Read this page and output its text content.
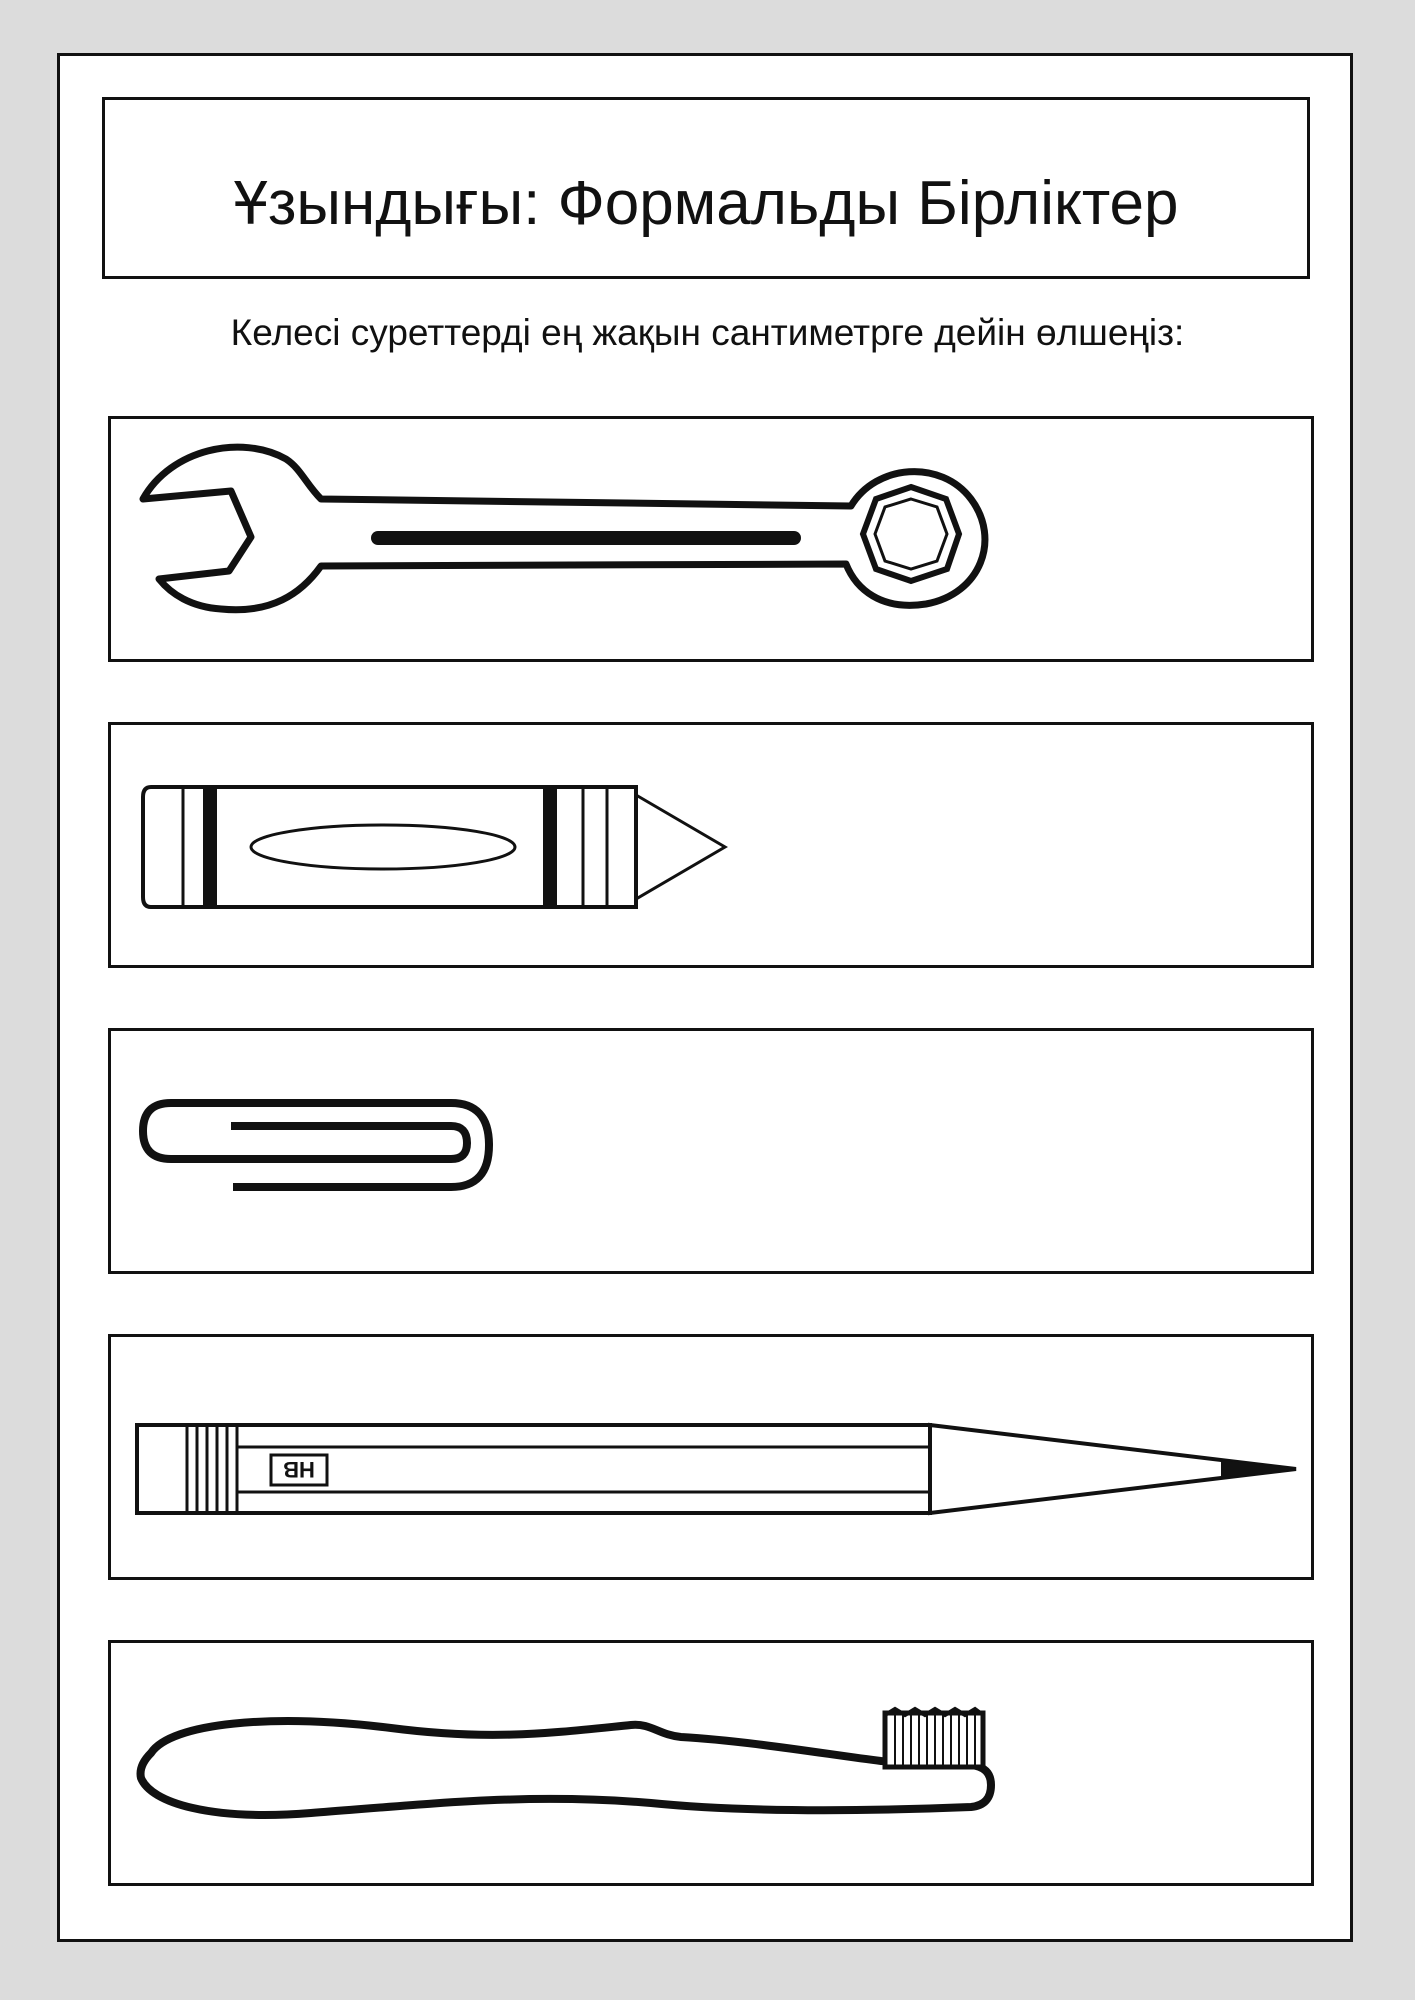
Ұзындығы: Формальды Бірліктер
Келесі суреттерді ең жақын сантиметрге дейін өлшеңіз:
HB
